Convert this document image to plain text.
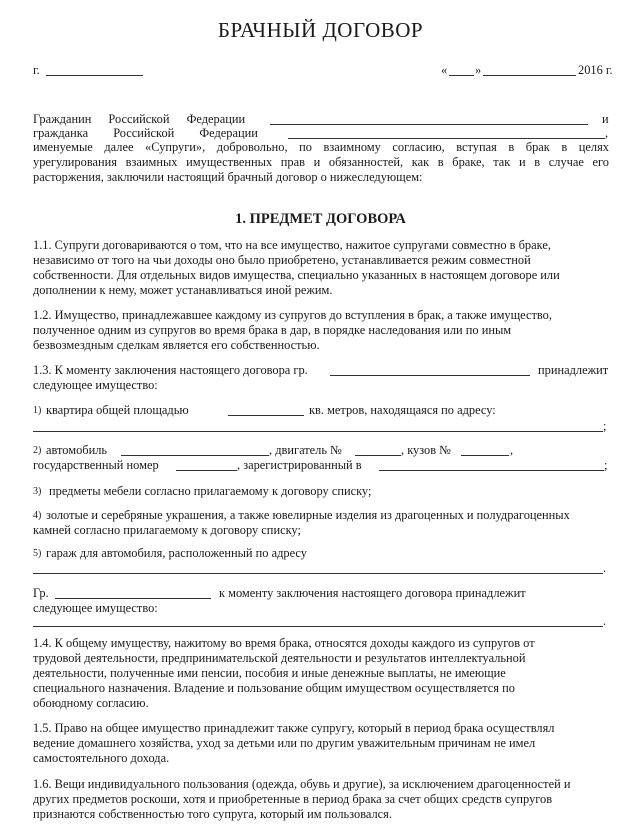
БРАЧНЫЙ ДОГОВОР
г.	« »	2016 г.
Гражданин Российской Федерации	и
гражданка Российской Федерации	,
именуемые далее «Супруги», добровольно, по взаимному согласию, вступая в брак в целях
урегулирования взаимных имущественных прав и обязанностей, как в браке, так и в случае его
расторжения, заключили настоящий брачный договор о нижеследующем:
1. ПРЕДМЕТ ДОГОВОРА
1.1. Супруги договариваются о том, что на все имущество, нажитое супругами совместно в браке,
независимо от того на чьи доходы оно было приобретено, устанавливается режим совместной
собственности. Для отдельных видов имущества, специально указанных в настоящем договоре или
дополнении к нему, может устанавливаться иной режим.
1.2. Имущество, принадлежавшее каждому из супругов до вступления в брак, а также имущество,
полученное одним из супругов во время брака в дар, в порядке наследования или по иным
безвозмездным сделкам является его собственностью.
1.3. К моменту заключения настоящего договора гр.	принадлежит
следующее имущество:
1) квартира общей площадью	кв. метров, находящаяся по адресу:
;
2) автомобиль	, двигатель №	, кузов №	,
государственный номер	, зарегистрированный в	;
3) предметы мебели согласно прилагаемому к договору списку;
4) золотые и серебряные украшения, а также ювелирные изделия из драгоценных и полудрагоценных
камней согласно прилагаемому к договору списку;
5) гараж для автомобиля, расположенный по адресу
.
Гр.	к моменту заключения настоящего договора принадлежит
следующее имущество:
.
1.4. К общему имуществу, нажитому во время брака, относятся доходы каждого из супругов от
трудовой деятельности, предпринимательской деятельности и результатов интеллектуальной
деятельности, полученные ими пенсии, пособия и иные денежные выплаты, не имеющие
специального назначения. Владение и пользование общим имуществом осуществляется по
обоюдному согласию.
1.5. Право на общее имущество принадлежит также супругу, который в период брака осуществлял
ведение домашнего хозяйства, уход за детьми или по другим уважительным причинам не имел
самостоятельного дохода.
1.6. Вещи индивидуального пользования (одежда, обувь и другие), за исключением драгоценностей и
других предметов роскоши, хотя и приобретенные в период брака за счет общих средств супругов
признаются собственностью того супруга, который им пользовался.
